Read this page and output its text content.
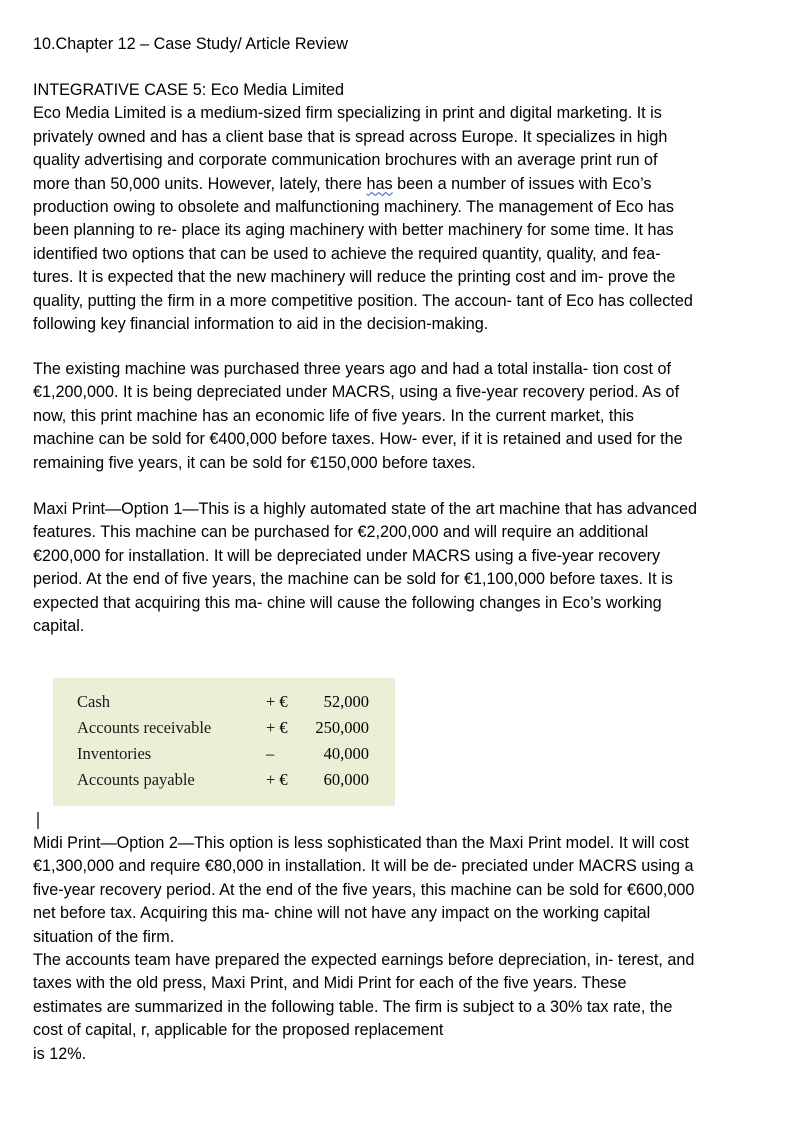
10.Chapter 12 – Case Study/ Article Review
INTEGRATIVE CASE 5: Eco Media Limited
Eco Media Limited is a medium-sized firm specializing in print and digital marketing. It is
privately owned and has a client base that is spread across Europe. It specializes in high
quality advertising and corporate communication brochures with an average print run of
more than 50,000 units. However, lately, there has been a number of issues with Eco’s
production owing to obsolete and malfunctioning machinery. The management of Eco has
been planning to re- place its aging machinery with better machinery for some time. It has
identified two options that can be used to achieve the required quantity, quality, and fea-
tures. It is expected that the new machinery will reduce the printing cost and im- prove the
quality, putting the firm in a more competitive position. The accoun- tant of Eco has collected
following key financial information to aid in the decision-making.
The existing machine was purchased three years ago and had a total installa- tion cost of
€1,200,000. It is being depreciated under MACRS, using a five-year recovery period. As of
now, this print machine has an economic life of five years. In the current market, this
machine can be sold for €400,000 before taxes. How- ever, if it is retained and used for the
remaining five years, it can be sold for €150,000 before taxes.
Maxi Print—Option 1—This is a highly automated state of the art machine that has advanced
features. This machine can be purchased for €2,200,000 and will require an additional
€200,000 for installation. It will be depreciated under MACRS using a five-year recovery
period. At the end of five years, the machine can be sold for €1,100,000 before taxes. It is
expected that acquiring this ma- chine will cause the following changes in Eco’s working
capital.
Cash	+ € 52,000
Accounts receivable	+ € 250,000
Inventories	–	40,000
Accounts payable	+ € 60,000
Midi Print—Option 2—This option is less sophisticated than the Maxi Print model. It will cost
€1,300,000 and require €80,000 in installation. It will be de- preciated under MACRS using a
five-year recovery period. At the end of the five years, this machine can be sold for €600,000
net before tax. Acquiring this ma- chine will not have any impact on the working capital
situation of the firm.
The accounts team have prepared the expected earnings before depreciation, in- terest, and
taxes with the old press, Maxi Print, and Midi Print for each of the five years. These
estimates are summarized in the following table. The firm is subject to a 30% tax rate, the
cost of capital, r, applicable for the proposed replacement
is 12%.
